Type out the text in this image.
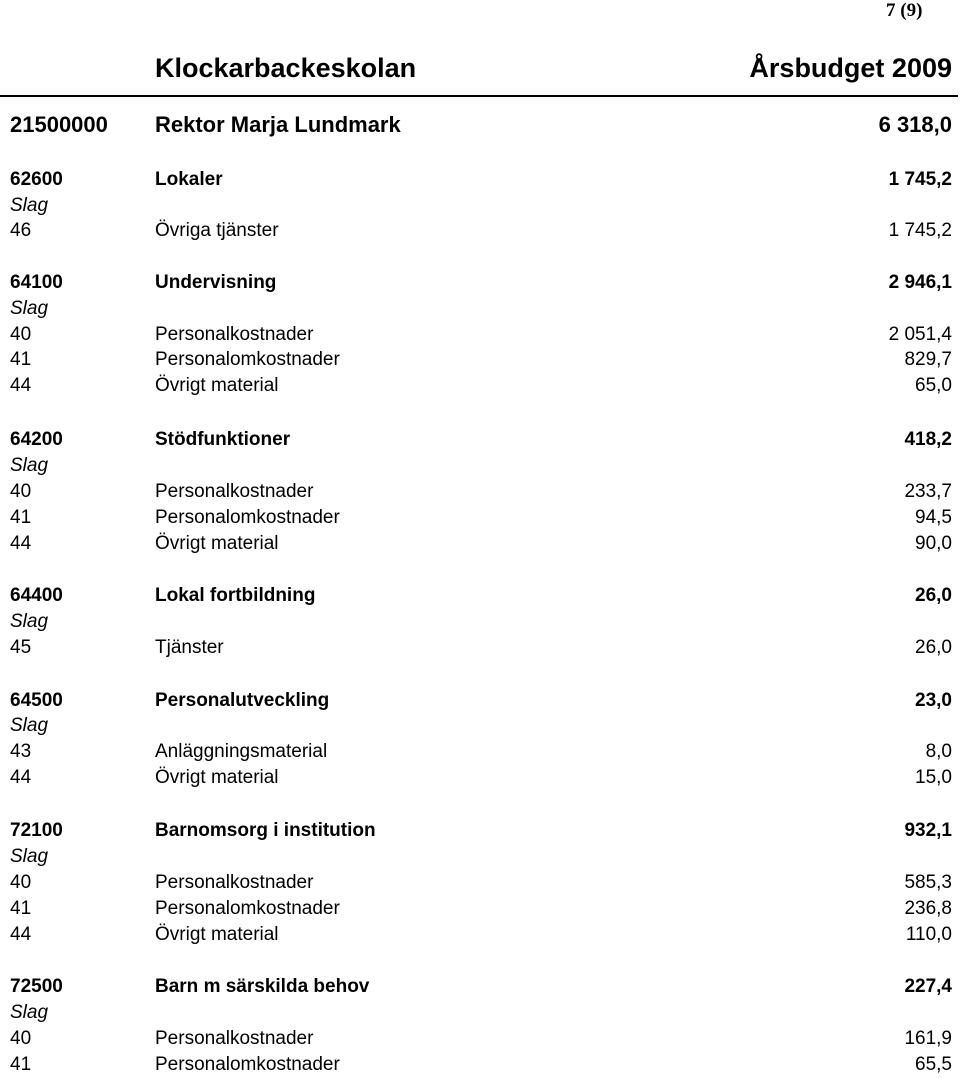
7 (9)
Klockarbackeskolan	Årsbudget 2009
21500000 Rektor Marja Lundmark	6 318,0
62600	Lokaler	1 745,2
Slag
46	Övriga tjänster	1 745,2
64100	Undervisning	2 946,1
Slag
40	Personalkostnader	2 051,4
41	Personalomkostnader	829,7
44	Övrigt material	65,0
64200	Stödfunktioner	418,2
Slag
40	Personalkostnader	233,7
41	Personalomkostnader	94,5
44	Övrigt material	90,0
64400	Lokal fortbildning	26,0
Slag
45	Tjänster	26,0
64500	Personalutveckling	23,0
Slag
43	Anläggningsmaterial	8,0
44	Övrigt material	15,0
72100	Barnomsorg i institution	932,1
Slag
40	Personalkostnader	585,3
41	Personalomkostnader	236,8
44	Övrigt material	110,0
72500	Barn m särskilda behov	227,4
Slag
40	Personalkostnader	161,9
41	Personalomkostnader	65,5
